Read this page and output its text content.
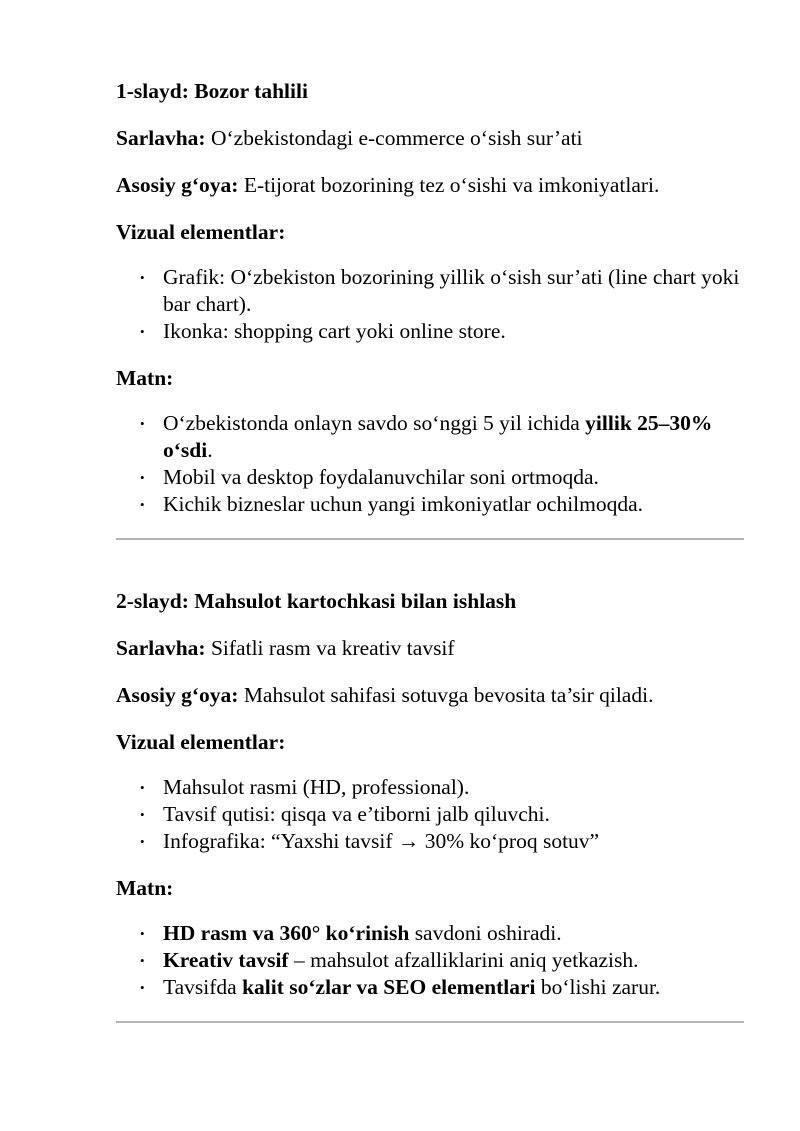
1-slayd: Bozor tahlili

Sarlavha: O‘zbekistondagi e-commerce o‘sish sur’ati

Asosiy g‘oya: E-tijorat bozorining tez o‘sishi va imkoniyatlari.

Vizual elementlar:

• Grafik: O‘zbekiston bozorining yillik o‘sish sur’ati (line chart yoki bar chart).
• Ikonka: shopping cart yoki online store.

Matn:

• O‘zbekistonda onlayn savdo so‘nggi 5 yil ichida yillik 25–30% o‘sdi.
• Mobil va desktop foydalanuvchilar soni ortmoqda.
• Kichik bizneslar uchun yangi imkoniyatlar ochilmoqda.

2-slayd: Mahsulot kartochkasi bilan ishlash

Sarlavha: Sifatli rasm va kreativ tavsif

Asosiy g‘oya: Mahsulot sahifasi sotuvga bevosita ta’sir qiladi.

Vizual elementlar:

• Mahsulot rasmi (HD, professional).
• Tavsif qutisi: qisqa va e’tiborni jalb qiluvchi.
• Infografika: “Yaxshi tavsif → 30% ko‘proq sotuv”

Matn:

• HD rasm va 360° ko‘rinish savdoni oshiradi.
• Kreativ tavsif – mahsulot afzalliklarini aniq yetkazish.
• Tavsifda kalit so‘zlar va SEO elementlari bo‘lishi zarur.
